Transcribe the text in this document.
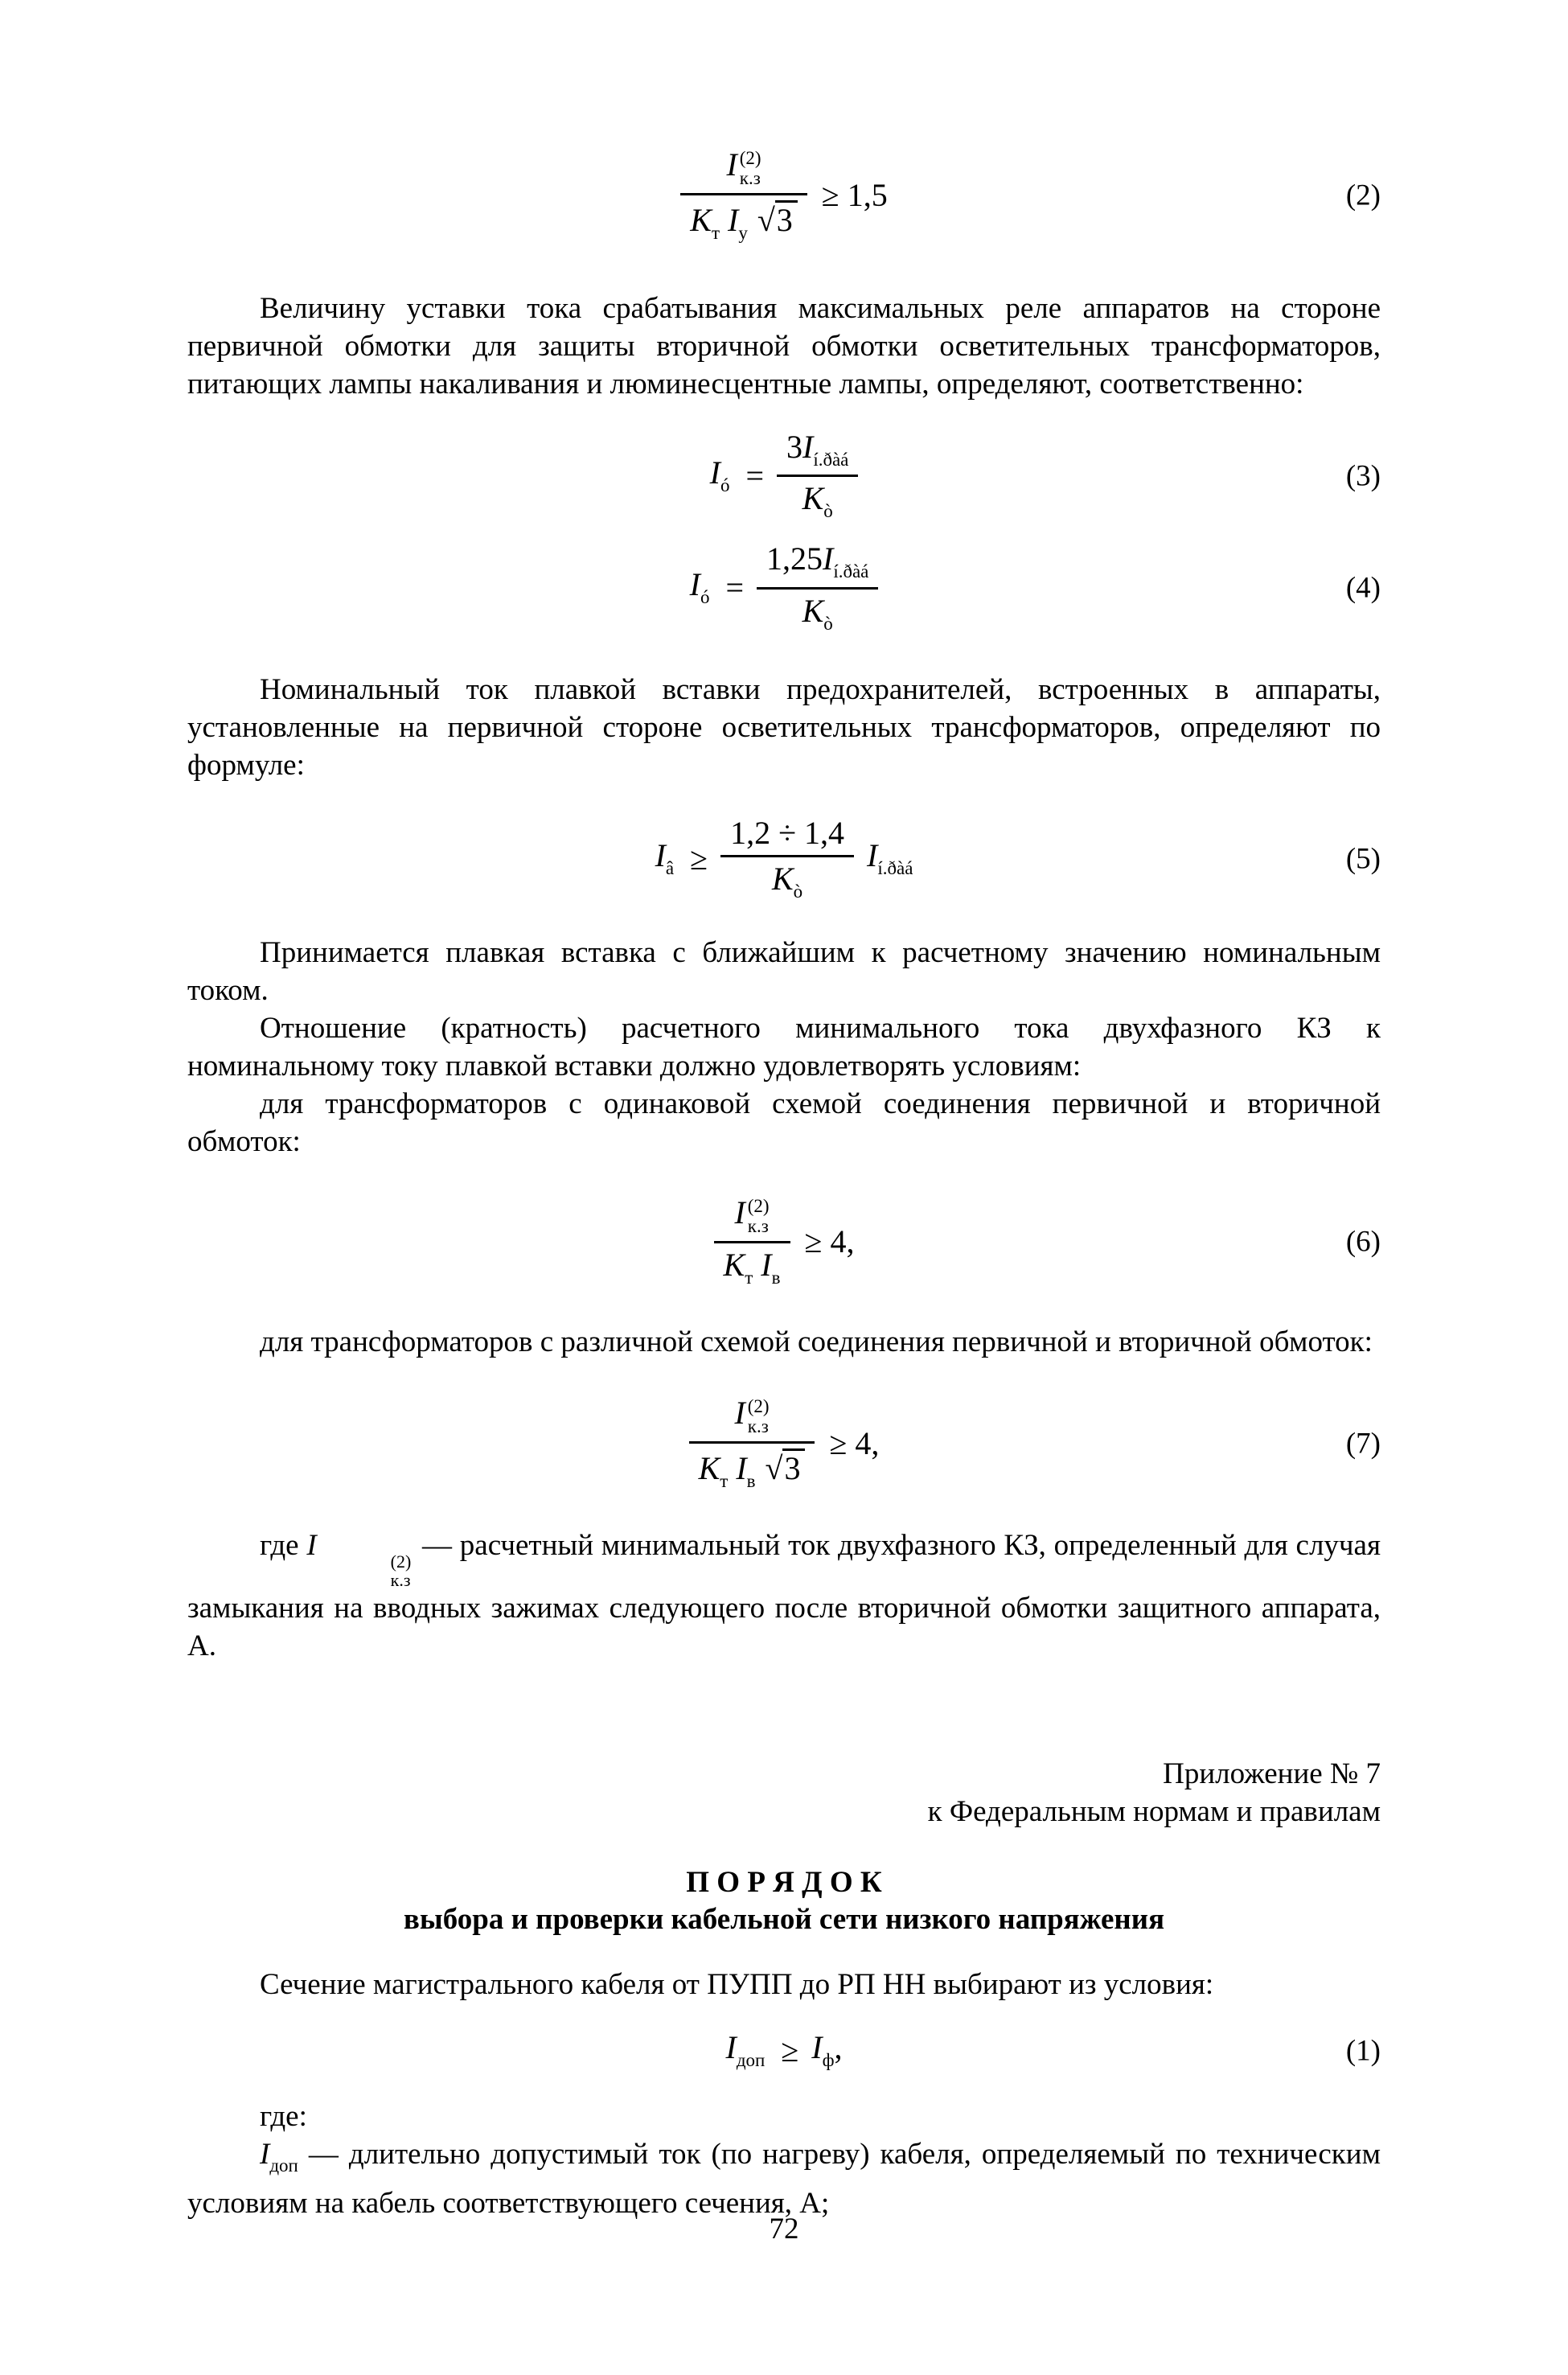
I (2)
к.з
$K_т$ $I_у$ √3 ≥ 1,5	(2)

Величину уставки тока срабатывания максимальных реле аппаратов на стороне первичной обмотки для защиты вторичной обмотки осветительных трансформаторов, питающих лампы накаливания и люминесцентные лампы, определяют, соответственно:

$I_ó = \frac{3I_{í.ðàá}}{K_ò}$	(3)
$I_ó = \frac{1,25I_{í.ðàá}}{K_ò}$	(4)

Номинальный ток плавкой вставки предохранителей, встроенных в аппараты, установленные на первичной стороне осветительных трансформаторов, определяют по формуле:

$I_â \ge \frac{1,2 \div 1,4}{K_ò} I_{í.ðàá}$	(5)

Принимается плавкая вставка с ближайшим к расчетному значению номинальным током.

Отношение (кратность) расчетного минимального тока двухфазного КЗ к номинальному току плавкой вставки должно удовлетворять условиям:

для трансформаторов с одинаковой схемой соединения первичной и вторичной обмоток:

I (2)
к.з
$K_т$ $I_в \ge 4$,	(6)

для трансформаторов с различной схемой соединения первичной и вторичной обмоток:

I (2)
к.з
$K_т$ $I_в$ √3 ≥ 4,	(7)

где I	(2)
к.з
— расчетный минимальный ток двухфазного КЗ, определенный для случая замыкания на вводных зажимах следующего после вторичной обмотки защитного аппарата, А.

Приложение № 7
к Федеральным нормам и правилам
П О Р Я Д О К
выбора и проверки кабельной сети низкого напряжения

Сечение магистрального кабеля от ПУПП до РП НН выбирают из условия:

$I_{доп} \ge I_ф$,	(1)

где:

$I_{доп}$ — длительно допустимый ток (по нагреву) кабеля, определяемый по техническим условиям на кабель соответствующего сечения, А;

72
